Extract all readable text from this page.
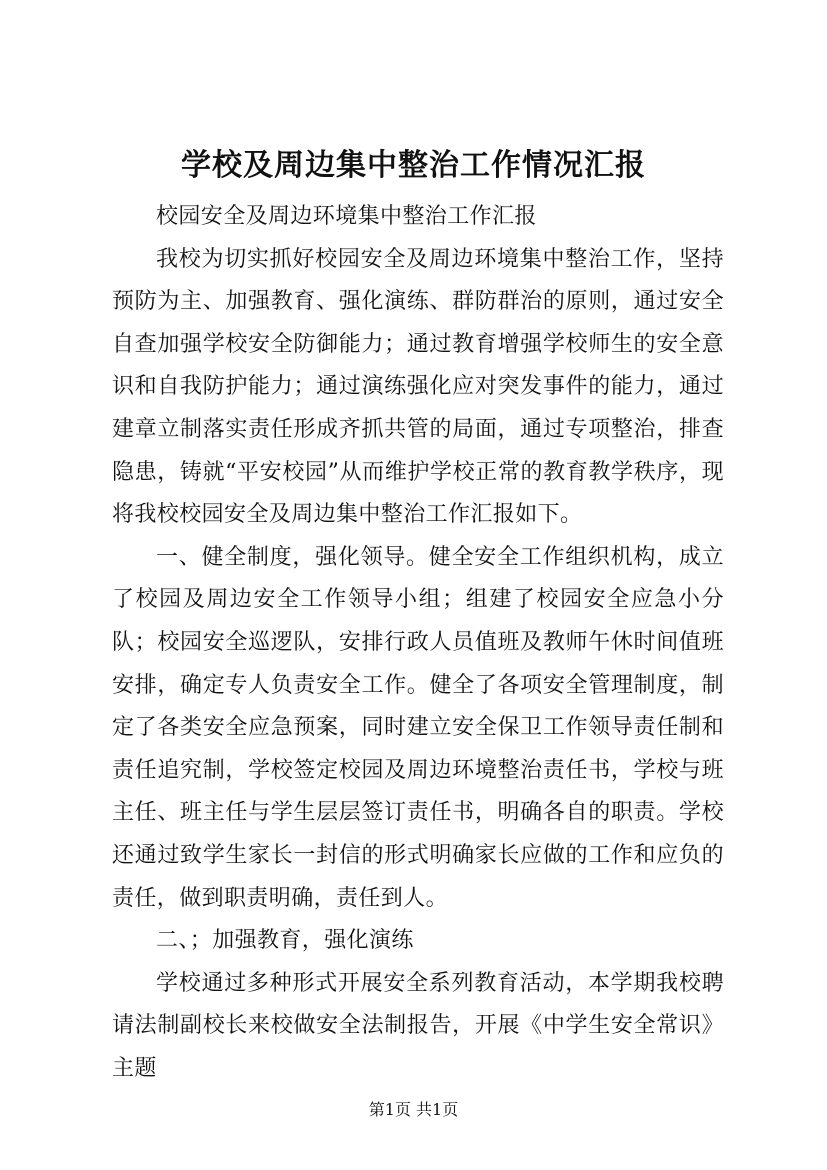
学校及周边集中整治工作情况汇报

校园安全及周边环境集中整治工作汇报

我校为切实抓好校园安全及周边环境集中整治工作，坚持预防为主、加强教育、强化演练、群防群治的原则，通过安全自查加强学校安全防御能力；通过教育增强学校师生的安全意识和自我防护能力；通过演练强化应对突发事件的能力，通过建章立制落实责任形成齐抓共管的局面，通过专项整治，排查隐患，铸就“平安校园”从而维护学校正常的教育教学秩序，现将我校校园安全及周边集中整治工作汇报如下。

一、健全制度，强化领导。健全安全工作组织机构，成立了校园及周边安全工作领导小组；组建了校园安全应急小分队；校园安全巡逻队，安排行政人员值班及教师午休时间值班安排，确定专人负责安全工作。健全了各项安全管理制度，制定了各类安全应急预案，同时建立安全保卫工作领导责任制和责任追究制，学校签定校园及周边环境整治责任书，学校与班主任、班主任与学生层层签订责任书，明确各自的职责。学校还通过致学生家长一封信的形式明确家长应做的工作和应负的责任，做到职责明确，责任到人。

二、；加强教育，强化演练

学校通过多种形式开展安全系列教育活动，本学期我校聘请法制副校长来校做安全法制报告，开展《中学生安全常识》主题

第1页 共1页
